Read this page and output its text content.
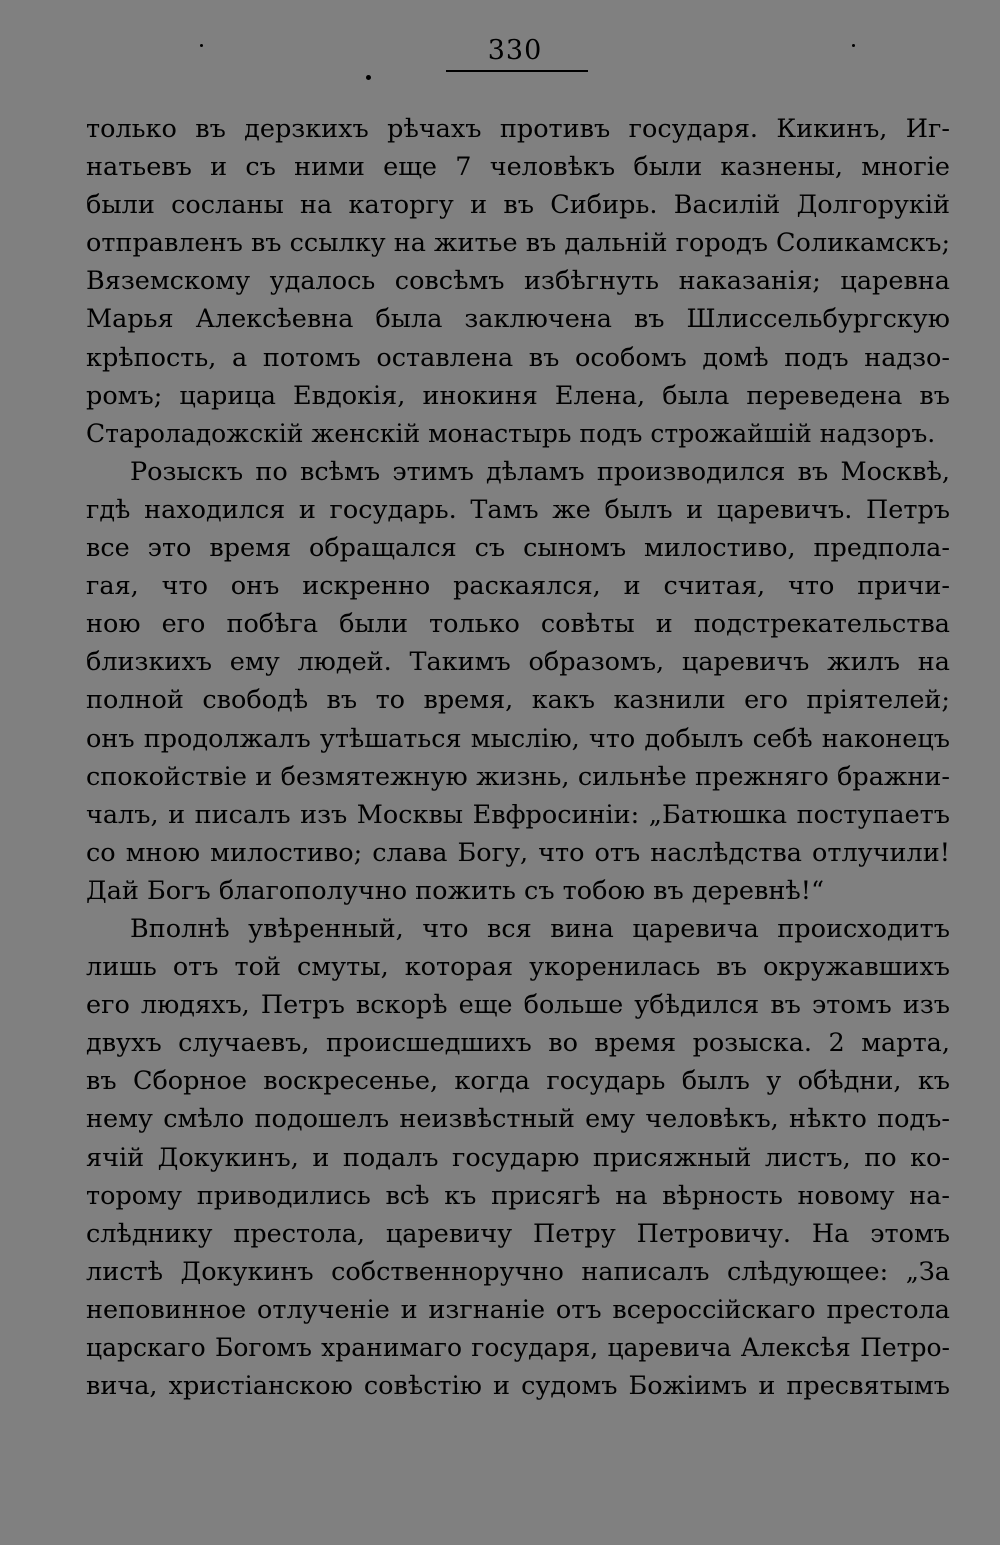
330
только въ дерзкихъ рѣчахъ противъ государя. Кикинъ, Иг-
натьевъ и съ ними еще 7 человѣкъ были казнены, многіе
были сосланы на каторгу и въ Сибирь. Василій Долгорукій
отправленъ въ ссылку на житье въ дальній городъ Соликамскъ;
Вяземскому удалось совсѣмъ избѣгнуть наказанія; царевна
Марья Алексѣевна была заключена въ Шлиссельбургскую
крѣпость, а потомъ оставлена въ особомъ домѣ подъ надзо-
ромъ; царица Евдокія, инокиня Елена, была переведена въ
Староладожскій женскій монастырь подъ строжайшій надзоръ.
Розыскъ по всѣмъ этимъ дѣламъ производился въ Москвѣ,
гдѣ находился и государь. Тамъ же былъ и царевичъ. Петръ
все это время обращался съ сыномъ милостиво, предпола-
гая, что онъ искренно раскаялся, и считая, что причи-
ною его побѣга были только совѣты и подстрекательства
близкихъ ему людей. Такимъ образомъ, царевичъ жилъ на
полной свободѣ въ то время, какъ казнили его пріятелей;
онъ продолжалъ утѣшаться мыслію, что добылъ себѣ наконецъ
спокойствіе и безмятежную жизнь, сильнѣе прежняго бражни-
чалъ, и писалъ изъ Москвы Евфросиніи: „Батюшка поступаетъ
со мною милостиво; слава Богу, что отъ наслѣдства отлучили!
Дай Богъ благополучно пожить съ тобою въ деревнѣ!“
Вполнѣ увѣренный, что вся вина царевича происходитъ
лишь отъ той смуты, которая укоренилась въ окружавшихъ
его людяхъ, Петръ вскорѣ еще больше убѣдился въ этомъ изъ
двухъ случаевъ, происшедшихъ во время розыска. 2 марта,
въ Сборное воскресенье, когда государь былъ у обѣдни, къ
нему смѣло подошелъ неизвѣстный ему человѣкъ, нѣкто подъ-
ячій Докукинъ, и подалъ государю присяжный листъ, по ко-
торому приводились всѣ къ присягѣ на вѣрность новому на-
слѣднику престола, царевичу Петру Петровичу. На этомъ
листѣ Докукинъ собственноручно написалъ слѣдующее: „За
неповинное отлученіе и изгнаніе отъ всероссійскаго престола
царскаго Богомъ хранимаго государя, царевича Алексѣя Петро-
вича, христіанскою совѣстію и судомъ Божіимъ и пресвятымъ
